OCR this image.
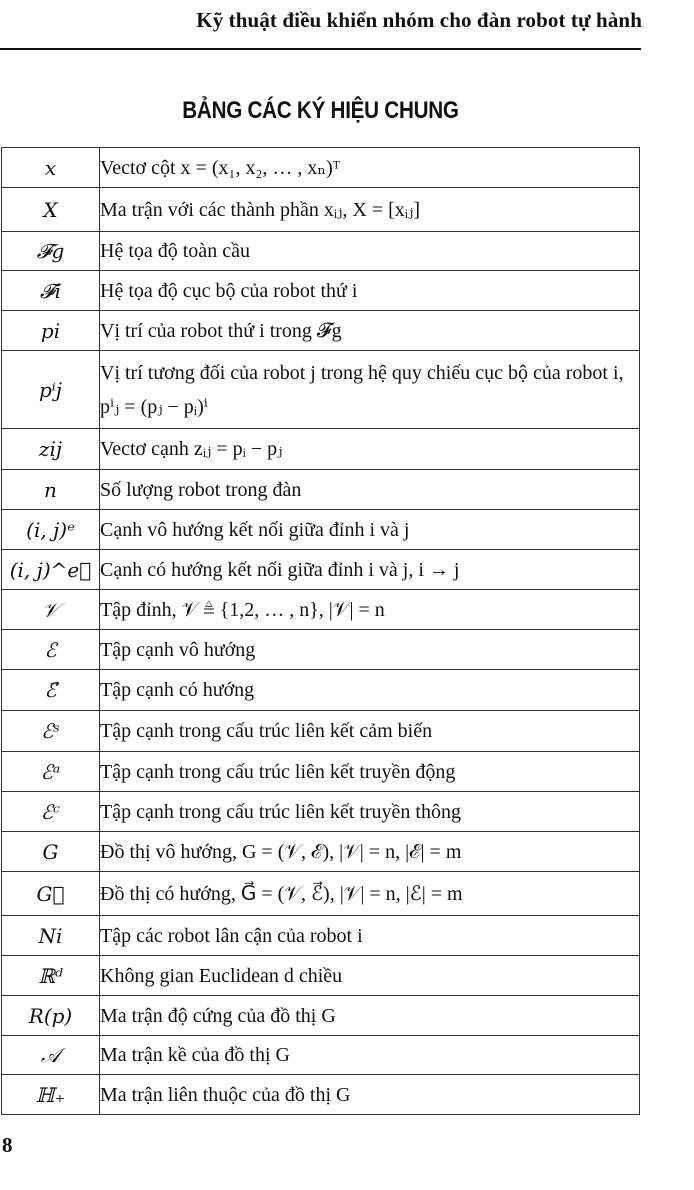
Kỹ thuật điều khiển nhóm cho đàn robot tự hành
BẢNG CÁC KÝ HIỆU CHUNG
x	Vectơ cột x = (x₁, x₂, … , xₙ)ᵀ
X	Ma trận với các thành phần xᵢⱼ, X = [xᵢⱼ]
𝓕g	Hệ tọa độ toàn cầu
𝓕i	Hệ tọa độ cục bộ của robot thứ i
pi	Vị trí của robot thứ i trong 𝓕g
pⁱj	Vị trí tương đối của robot j trong hệ quy chiếu cục bộ của robot i, pⁱⱼ = (pⱼ − pᵢ)ⁱ
zij	Vectơ cạnh zᵢⱼ = pᵢ − pⱼ
n	Số lượng robot trong đàn
(i, j)ᵉ	Cạnh vô hướng kết nối giữa đỉnh i và j
(i, j)^e⃗	Cạnh có hướng kết nối giữa đỉnh i và j, i → j
𝒱	Tập đỉnh, 𝒱 ≜ {1,2, … , n}, |𝒱| = n
ℰ	Tập cạnh vô hướng
ℰ⃗	Tập cạnh có hướng
ℰˢ	Tập cạnh trong cấu trúc liên kết cảm biến
ℰᵃ	Tập cạnh trong cấu trúc liên kết truyền động
ℰᶜ	Tập cạnh trong cấu trúc liên kết truyền thông
G	Đồ thị vô hướng, G = (𝒱, ℰ), |𝒱| = n, |ℰ| = m
G⃗	Đồ thị có hướng, G⃗ = (𝒱, ℰ⃗), |𝒱| = n, |ℰ| = m
Ni	Tập các robot lân cận của robot i
ℝᵈ	Không gian Euclidean d chiều
R(p)	Ma trận độ cứng của đồ thị G
𝒜	Ma trận kề của đồ thị G
ℍ₊	Ma trận liên thuộc của đồ thị G
8
